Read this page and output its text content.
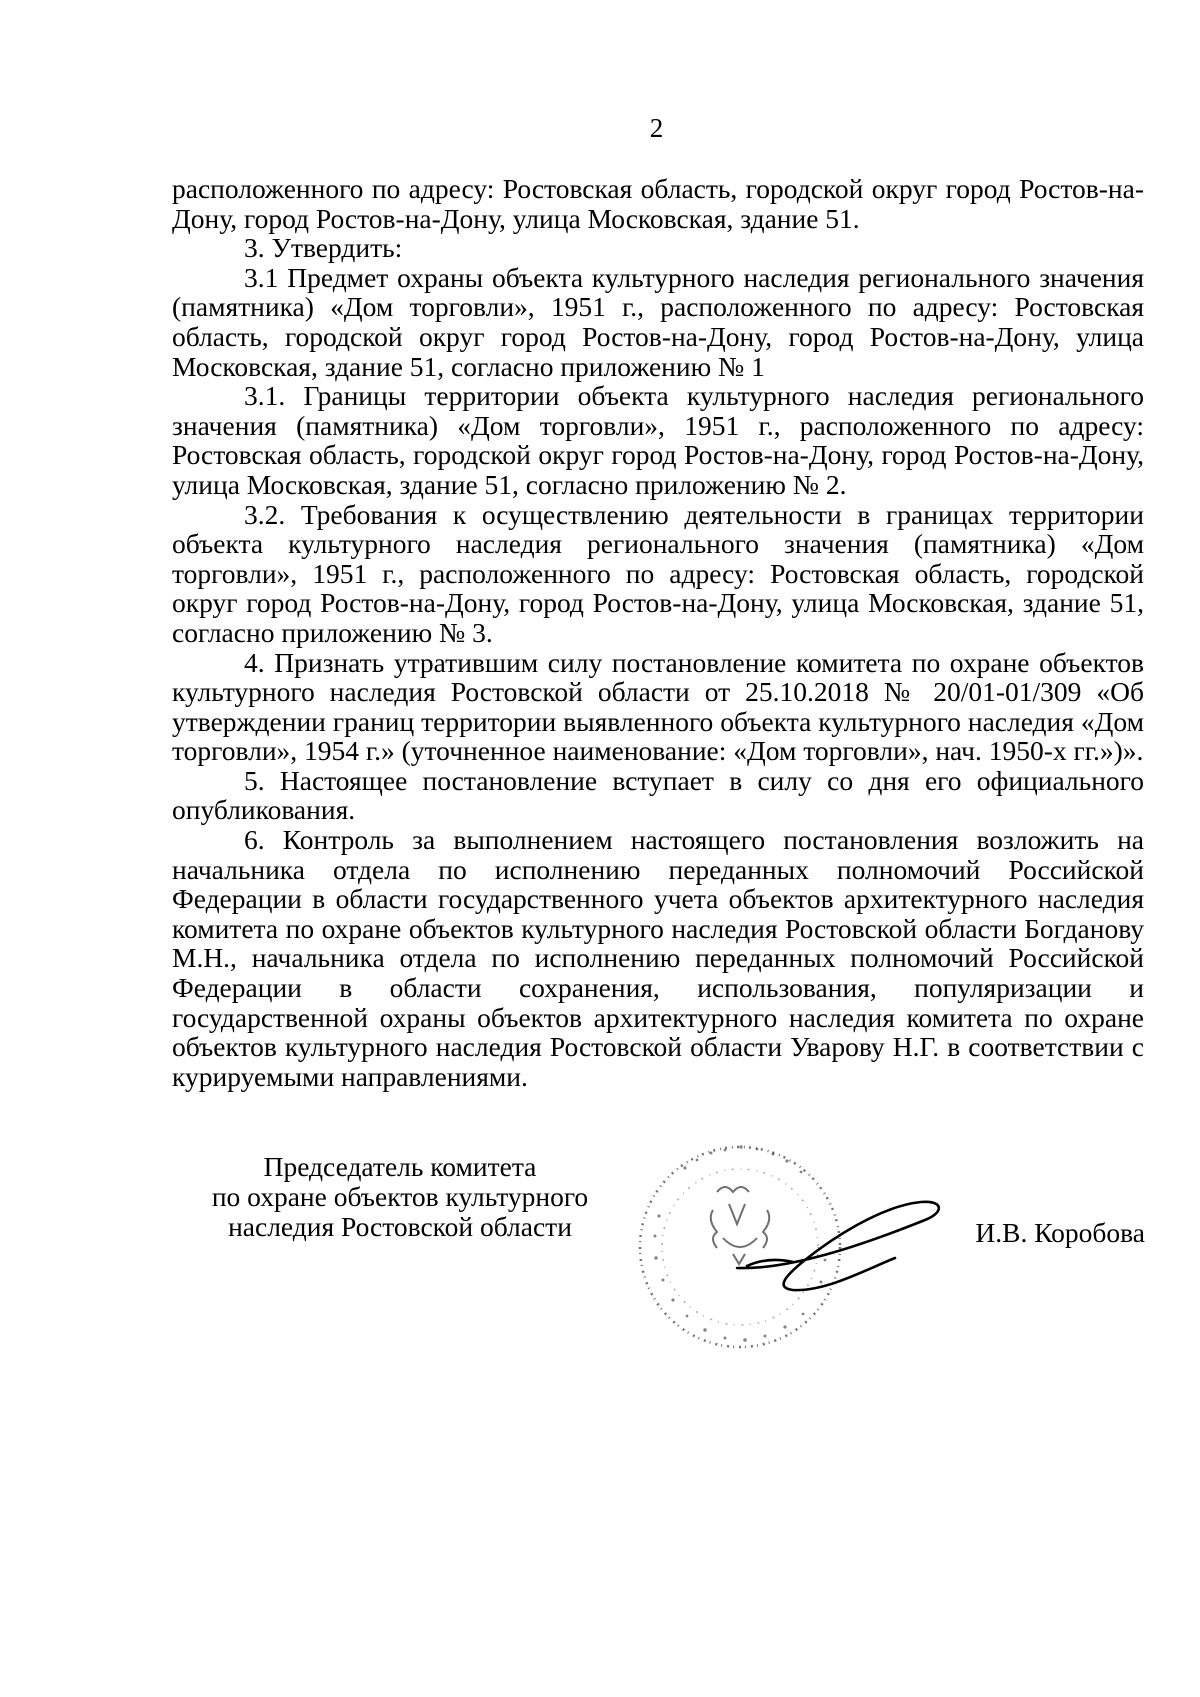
2

расположенного по адресу: Ростовская область, городской округ город Ростов-на-Дону, город Ростов-на-Дону, улица Московская, здание 51.

3. Утвердить:

3.1 Предмет охраны объекта культурного наследия регионального значения (памятника) «Дом торговли», 1951 г., расположенного по адресу: Ростовская область, городской округ город Ростов-на-Дону, город Ростов-на-Дону, улица Московская, здание 51, согласно приложению № 1

3.1. Границы территории объекта культурного наследия регионального значения (памятника) «Дом торговли», 1951 г., расположенного по адресу: Ростовская область, городской округ город Ростов-на-Дону, город Ростов-на-Дону, улица Московская, здание 51, согласно приложению № 2.

3.2. Требования к осуществлению деятельности в границах территории объекта культурного наследия регионального значения (памятника) «Дом торговли», 1951 г., расположенного по адресу: Ростовская область, городской округ город Ростов-на-Дону, город Ростов-на-Дону, улица Московская, здание 51, согласно приложению № 3.

4. Признать утратившим силу постановление комитета по охране объектов культурного наследия Ростовской области от 25.10.2018 № 20/01-01/309 «Об утверждении границ территории выявленного объекта культурного наследия «Дом торговли», 1954 г.» (уточненное наименование: «Дом торговли», нач. 1950-х гг.»)».

5. Настоящее постановление вступает в силу со дня его официального опубликования.

6. Контроль за выполнением настоящего постановления возложить на начальника отдела по исполнению переданных полномочий Российской Федерации в области государственного учета объектов архитектурного наследия комитета по охране объектов культурного наследия Ростовской области Богданову М.Н., начальника отдела по исполнению переданных полномочий Российской Федерации в области сохранения, использования, популяризации и государственной охраны объектов архитектурного наследия комитета по охране объектов культурного наследия Ростовской области Уварову Н.Г. в соответствии с курируемыми направлениями.

Председатель комитета
по охране объектов культурного
наследия Ростовской области	И.В. Коробова
